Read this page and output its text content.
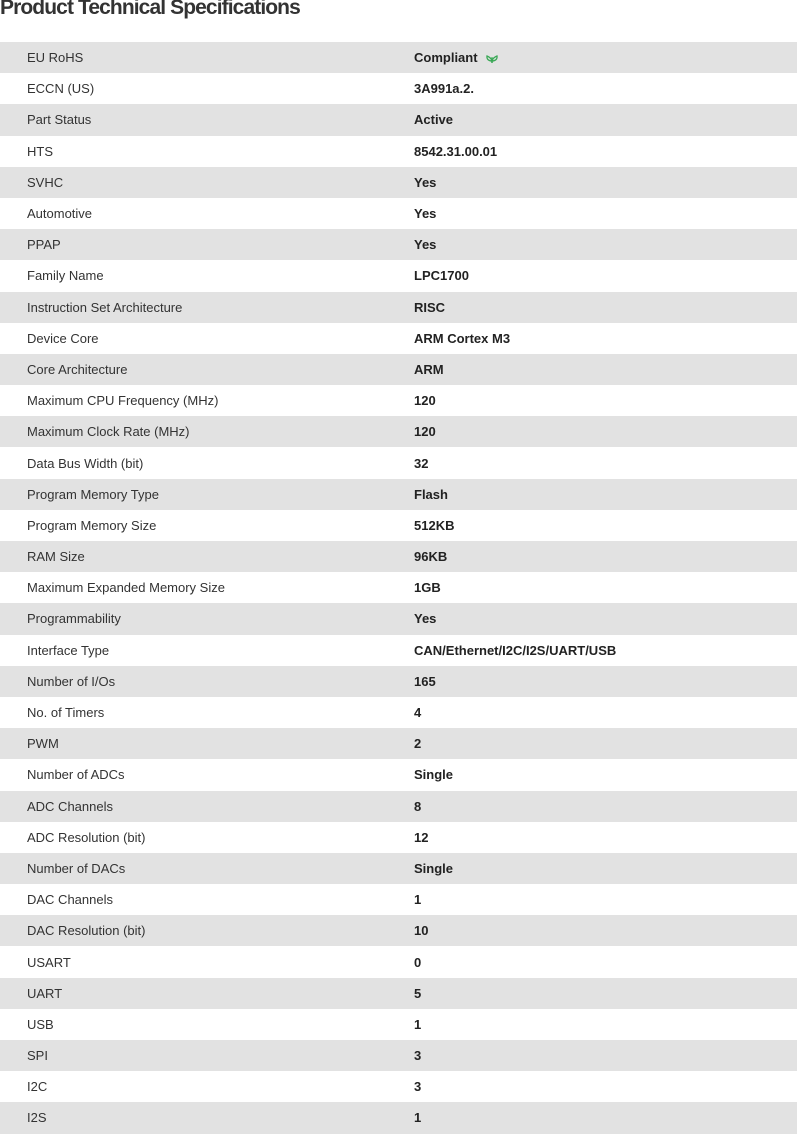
Product Technical Specifications
EU RoHS	Compliant
ECCN (US)	3A991a.2.
Part Status	Active
HTS	8542.31.00.01
SVHC	Yes
Automotive	Yes
PPAP	Yes
Family Name	LPC1700
Instruction Set Architecture	RISC
Device Core	ARM Cortex M3
Core Architecture	ARM
Maximum CPU Frequency (MHz)	120
Maximum Clock Rate (MHz)	120
Data Bus Width (bit)	32
Program Memory Type	Flash
Program Memory Size	512KB
RAM Size	96KB
Maximum Expanded Memory Size	1GB
Programmability	Yes
Interface Type	CAN/Ethernet/I2C/I2S/UART/USB
Number of I/Os	165
No. of Timers	4
PWM	2
Number of ADCs	Single
ADC Channels	8
ADC Resolution (bit)	12
Number of DACs	Single
DAC Channels	1
DAC Resolution (bit)	10
USART	0
UART	5
USB	1
SPI	3
I2C	3
I2S	1
